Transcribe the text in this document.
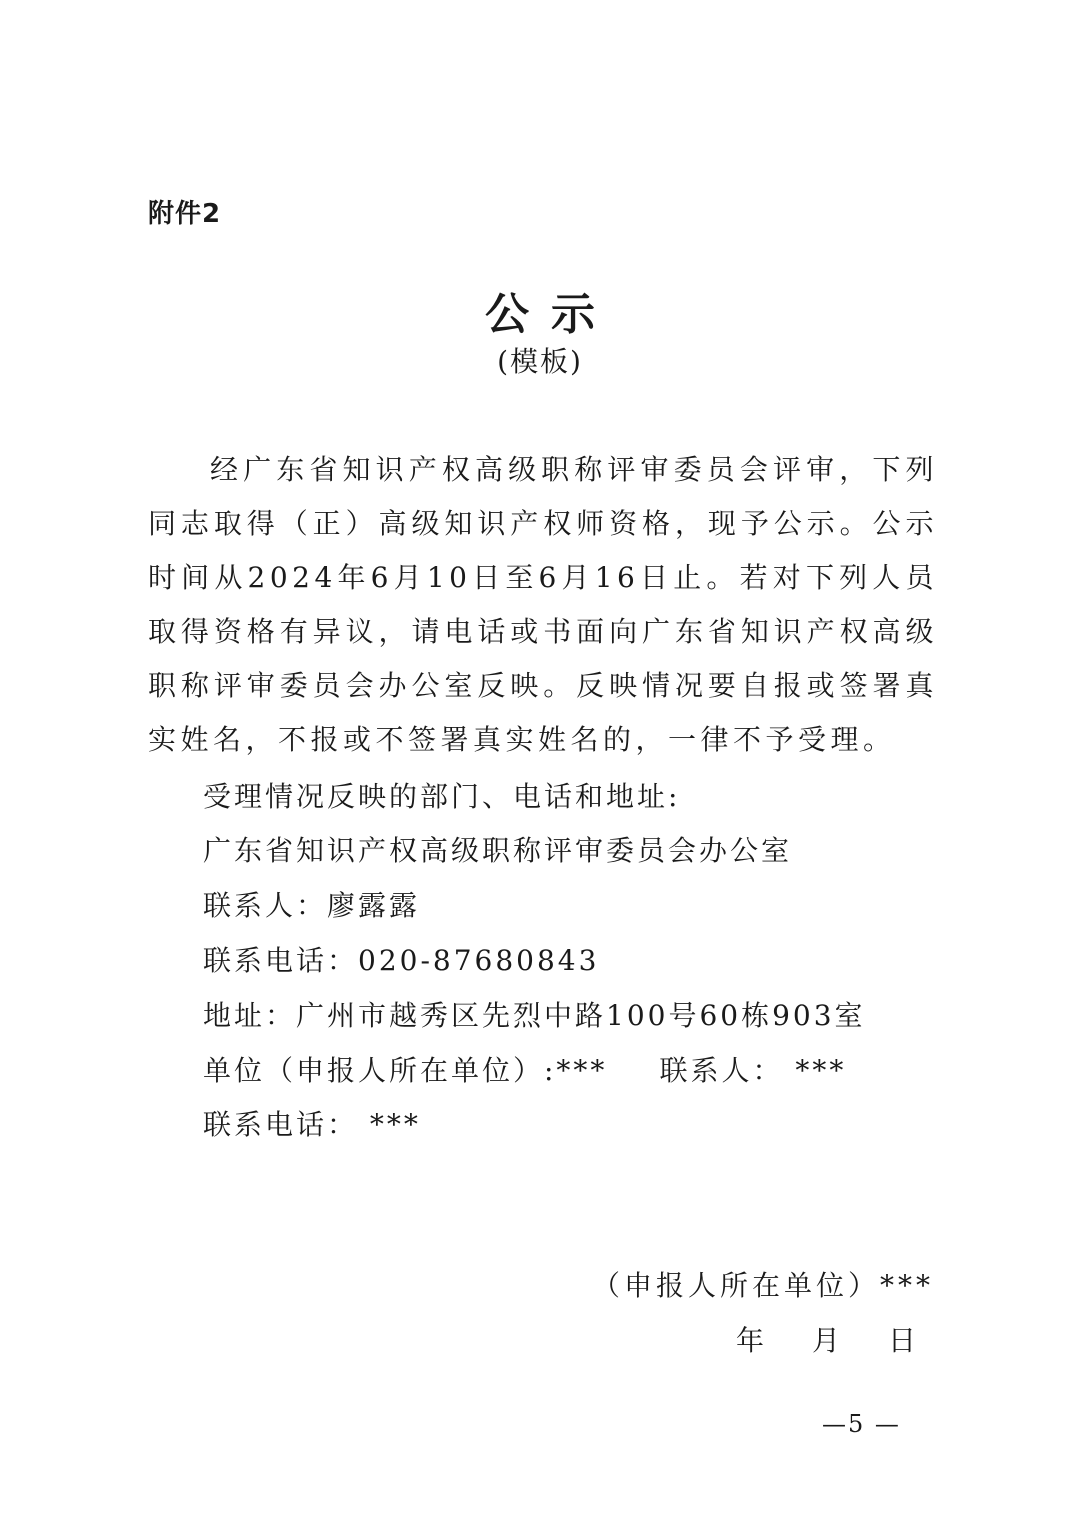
附件2
公示
(模板)

经广东省知识产权高级职称评审委员会评审，下列同志取得（正）高级知识产权师资格，现予公示。公示时间从2024年6月10日至6月16日止。若对下列人员取得资格有异议，请电话或书面向广东省知识产权高级职称评审委员会办公室反映。反映情况要自报或签署真实姓名，不报或不签署真实姓名的，一律不予受理。

受理情况反映的部门、电话和地址:
广东省知识产权高级职称评审委员会办公室
联系人：廖露露
联系电话：020-87680843
地址：广州市越秀区先烈中路100号60栋903室
单位（申报人所在单位）:*** 联系人： ***
联系电话： ***
（申报人所在单位）***
年 月 日
—5 —
